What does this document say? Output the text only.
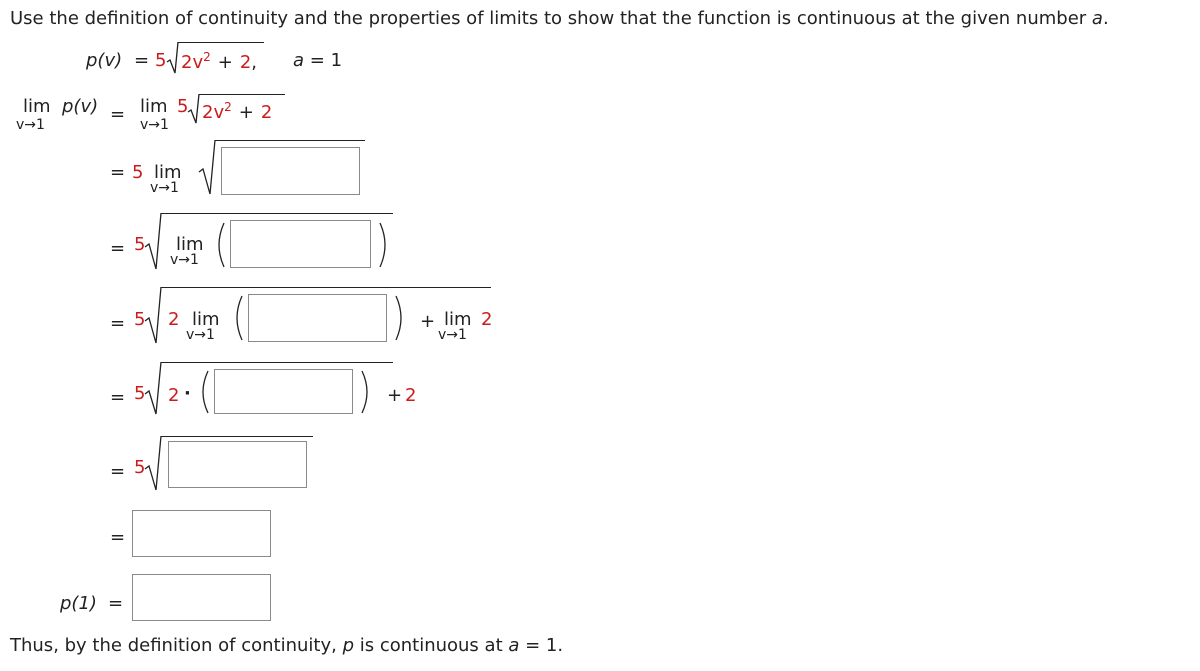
Use the definition of continuity and the properties of limits to show that the function is continuous at the given number a.
p(v) = 5 $2v^2 + 2$, a = 1
lim
v→1
p(v) = lim
v→1
5 $2v^2 + 2$
= 5 lim
v→1
= 5 lim
v→1
= 5 2 lim
v→1
+ lim
v→1
2
= 5 2 ·	+ 2
= 5
=
p(1) =
Thus, by the definition of continuity, p is continuous at a = 1.
